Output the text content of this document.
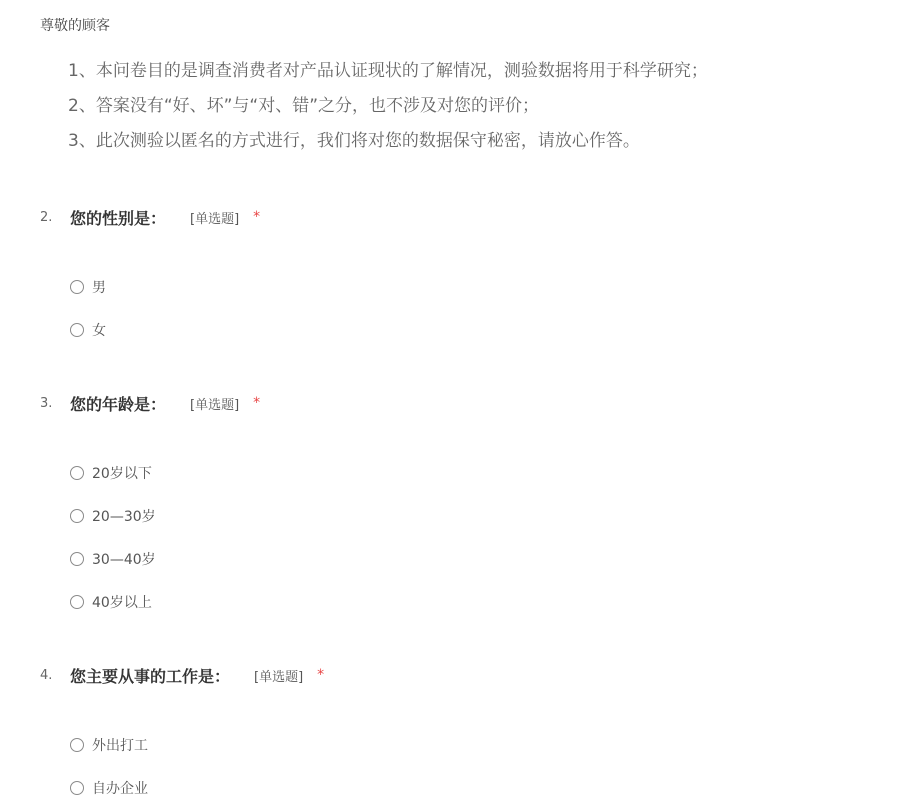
尊敬的顾客
1、本问卷目的是调查消费者对产品认证现状的了解情况，测验数据将用于科学研究；
2、答案没有“好、坏”与“对、错”之分，也不涉及对您的评价；
3、此次测验以匿名的方式进行，我们将对您的数据保守秘密，请放心作答。
2.	您的性别是： [单选题] *
男
女
3.	您的年龄是： [单选题] *
20岁以下
20—30岁
30—40岁
40岁以上
4.	您主要从事的工作是： [单选题] *
外出打工
自办企业
